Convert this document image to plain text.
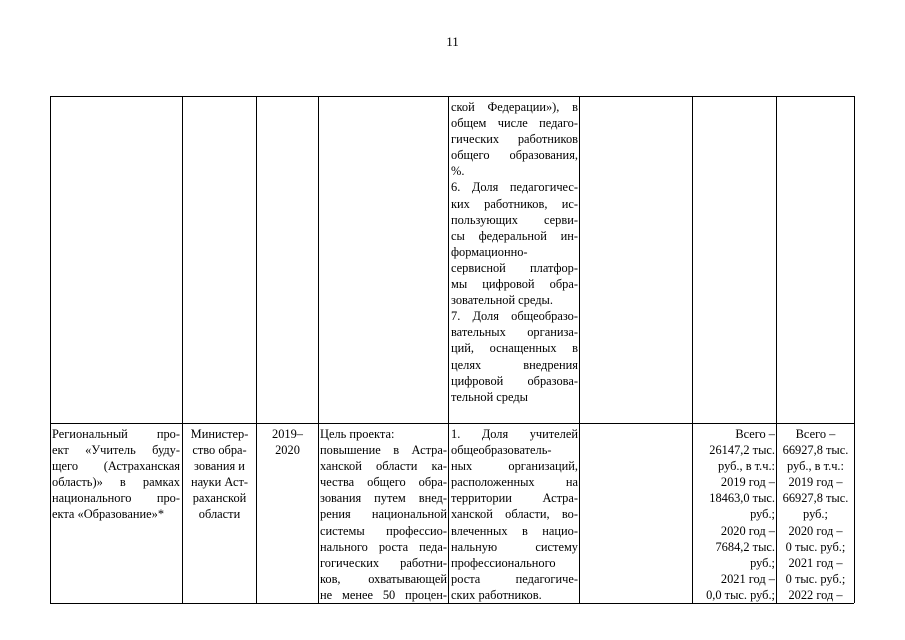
11
ской Федерации»), в
общем числе педаго-
гических работников
общего образования,
%.
6. Доля педагогичес-
ких работников, ис-
пользующих серви-
сы федеральной ин-
формационно-
сервисной платфор-
мы цифровой обра-
зовательной среды.
7. Доля общеобразо-
вательных организа-
ций, оснащенных в
целях внедрения
цифровой образова-
тельной среды
Региональный про-
ект «Учитель буду-
щего (Астраханская
область)» в рамках
национального про-
екта «Образование»*
Министер-
ство обра-
зования и
науки Аст-
раханской
области
2019–
2020
Цель проекта:
повышение в Астра-
ханской области ка-
чества общего обра-
зования путем внед-
рения национальной
системы профессио-
нального роста педа-
гогических работни-
ков, охватывающей
не менее 50 процен-
1. Доля учителей
общеобразователь-
ных организаций,
расположенных на
территории Астра-
ханской области, во-
влеченных в нацио-
нальную систему
профессионального
роста педагогиче-
ских работников.
Всего –
26147,2 тыс.
руб., в т.ч.:
2019 год –
18463,0 тыс.
руб.;
2020 год –
7684,2 тыс.
руб.;
2021 год –
0,0 тыс. руб.;
Всего –
66927,8 тыс.
руб., в т.ч.:
2019 год –
66927,8 тыс.
руб.;
2020 год –
0 тыс. руб.;
2021 год –
0 тыс. руб.;
2022 год –
